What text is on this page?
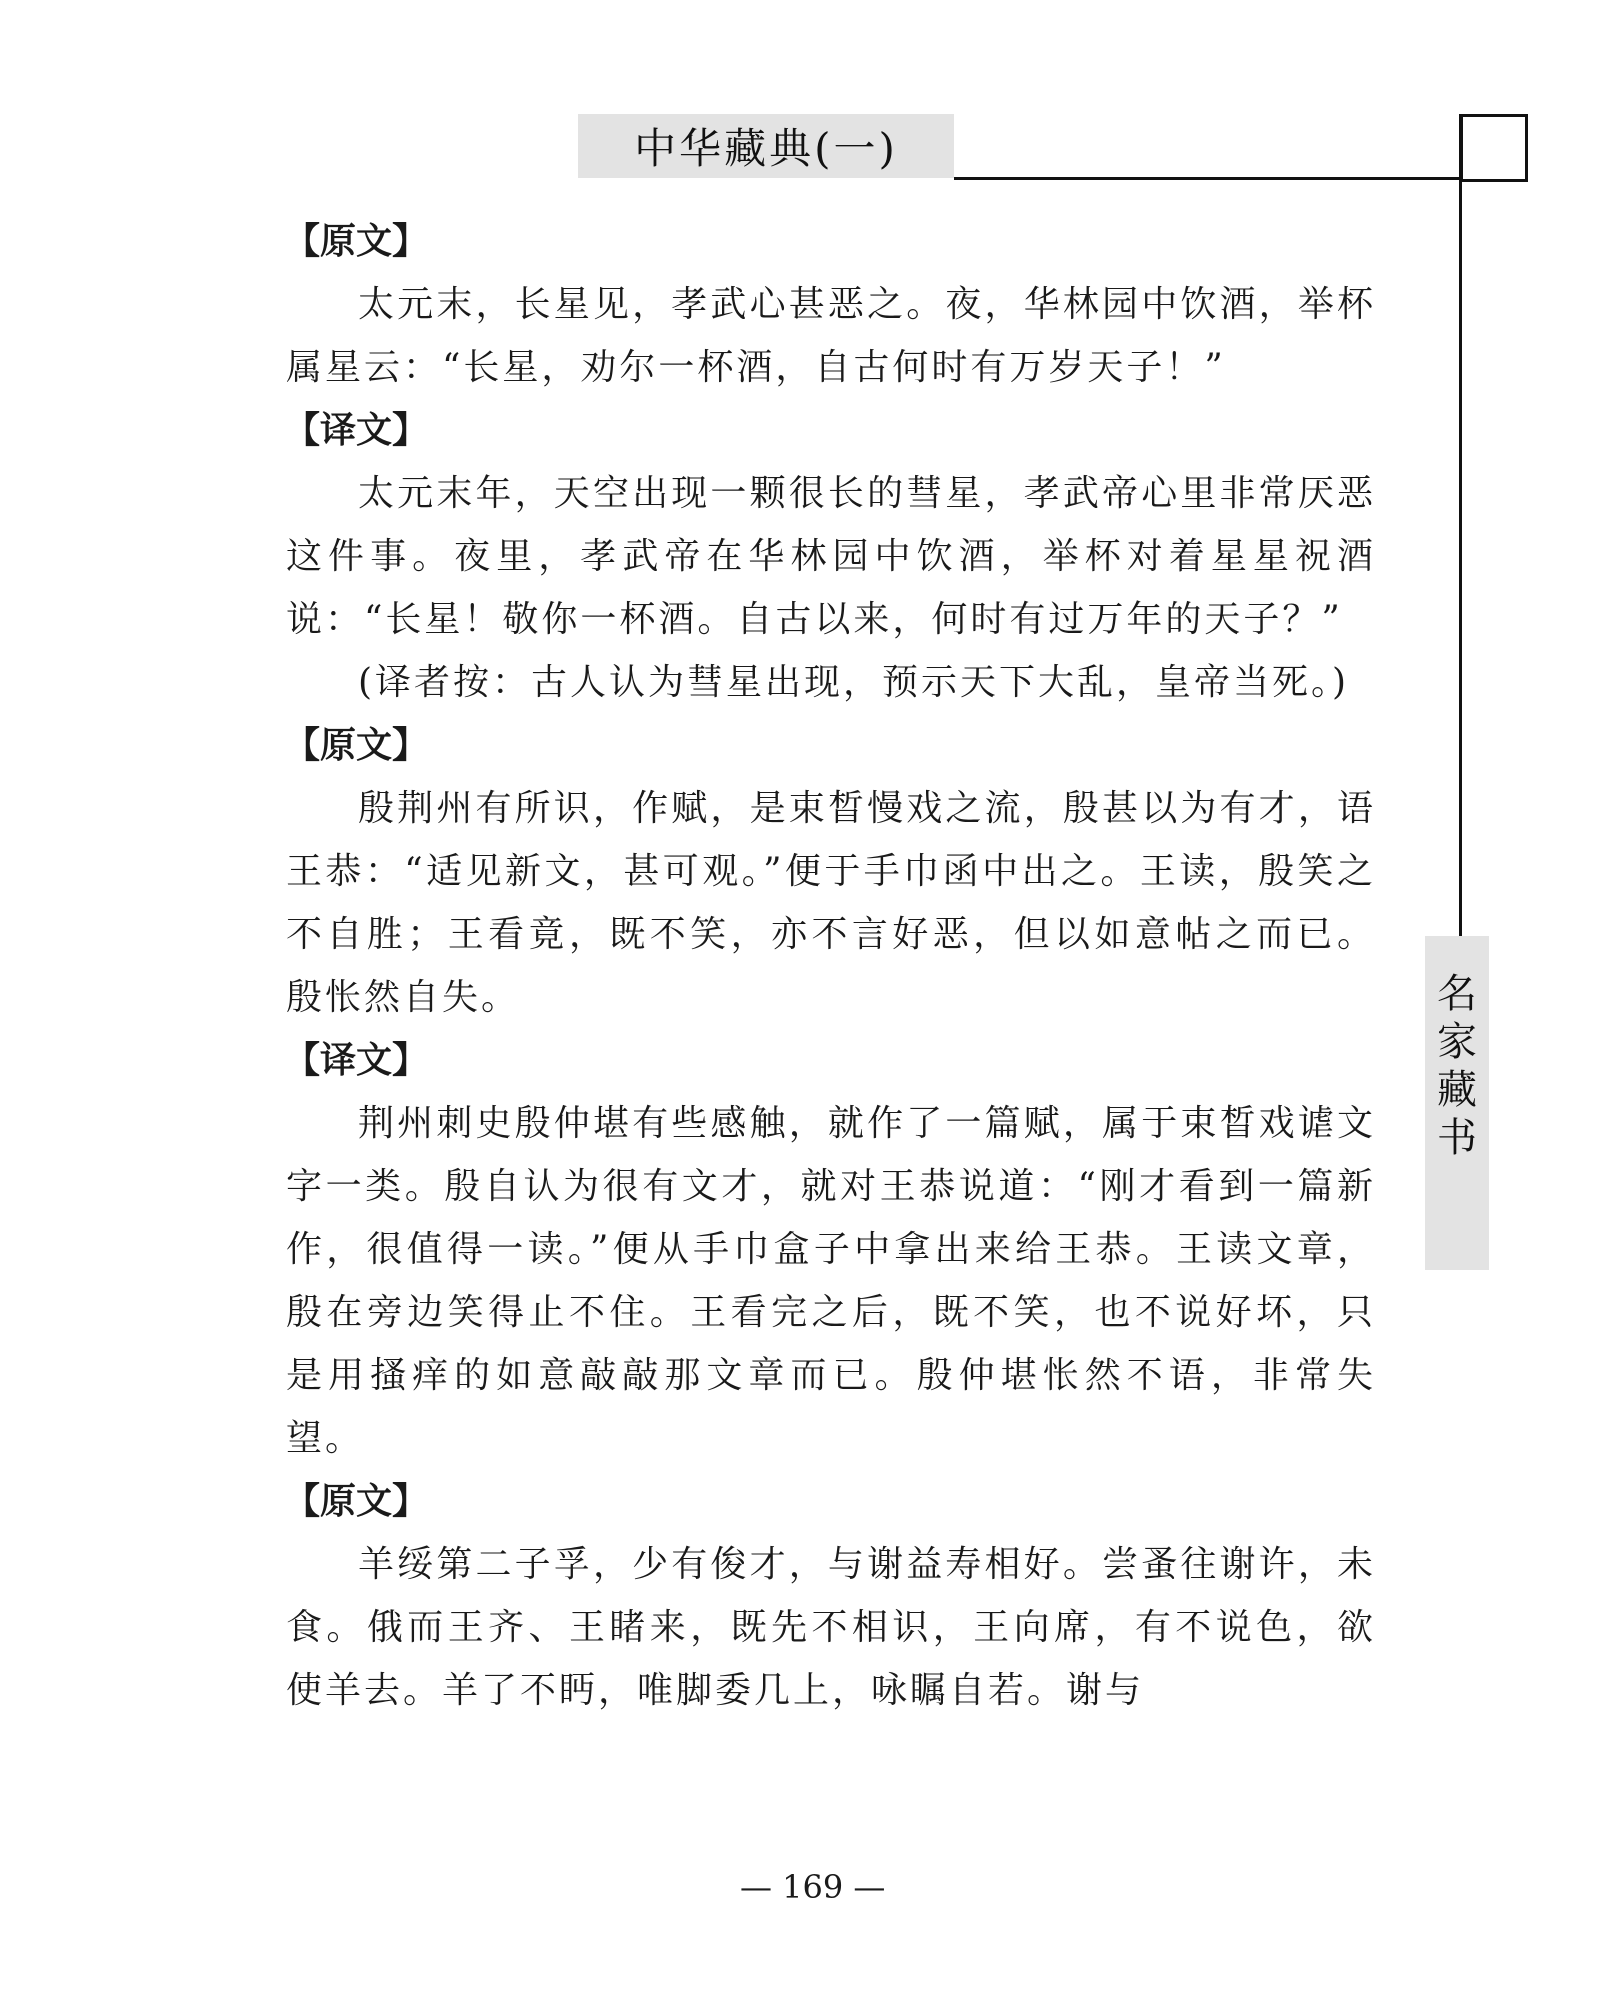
中华藏典(一)
名
家
藏
书
【原文】

太元末，长星见，孝武心甚恶之。夜，华林园中饮酒，举杯属星云：“长星，劝尔一杯酒，自古何时有万岁天子！”

【译文】

太元末年，天空出现一颗很长的彗星，孝武帝心里非常厌恶这件事。夜里，孝武帝在华林园中饮酒，举杯对着星星祝酒说：“长星！敬你一杯酒。自古以来，何时有过万年的天子？”

(译者按：古人认为彗星出现，预示天下大乱，皇帝当死。)

【原文】

殷荆州有所识，作赋，是束晳慢戏之流，殷甚以为有才，语王恭：“适见新文，甚可观。”便于手巾函中出之。王读，殷笑之不自胜；王看竟，既不笑，亦不言好恶，但以如意帖之而已。殷怅然自失。

【译文】

荆州刺史殷仲堪有些感触，就作了一篇赋，属于束晳戏谑文字一类。殷自认为很有文才，就对王恭说道：“刚才看到一篇新作，很值得一读。”便从手巾盒子中拿出来给王恭。王读文章，殷在旁边笑得止不住。王看完之后，既不笑，也不说好坏，只是用搔痒的如意敲敲那文章而已。殷仲堪怅然不语，非常失望。

【原文】

羊绥第二子孚，少有俊才，与谢益寿相好。尝蚤往谢许，未食。俄而王齐、王睹来，既先不相识，王向席，有不说色，欲使羊去。羊了不眄，唯脚委几上，咏瞩自若。谢与

— 169 —
